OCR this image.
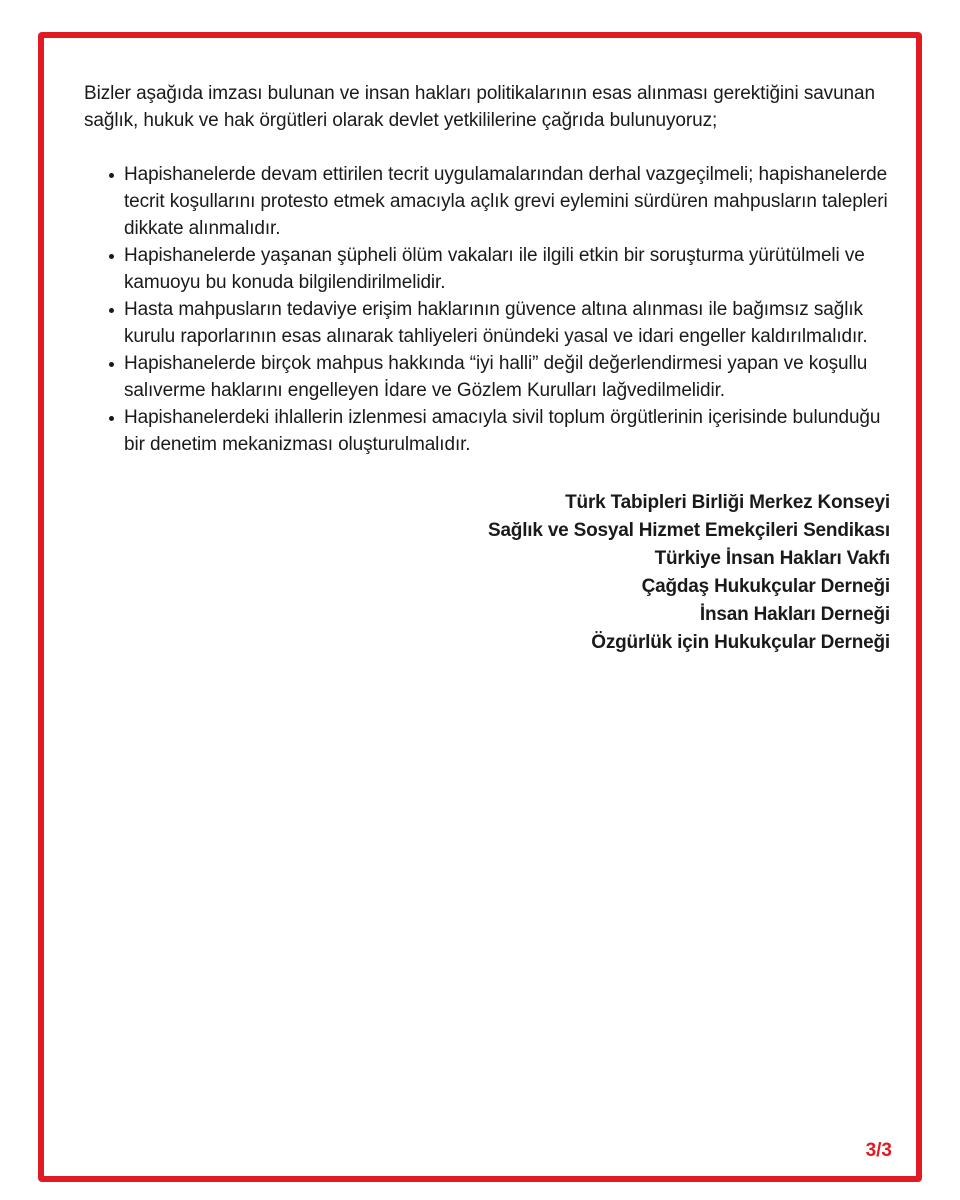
Bizler aşağıda imzası bulunan ve insan hakları politikalarının esas alınması gerektiğini savunan sağlık, hukuk ve hak örgütleri olarak devlet yetkililerine çağrıda bulunuyoruz;

Hapishanelerde devam ettirilen tecrit uygulamalarından derhal vazgeçilmeli; hapishanelerde tecrit koşullarını protesto etmek amacıyla açlık grevi eylemini sürdüren mahpusların talepleri dikkate alınmalıdır.
Hapishanelerde yaşanan şüpheli ölüm vakaları ile ilgili etkin bir soruşturma yürütülmeli ve kamuoyu bu konuda bilgilendirilmelidir.
Hasta mahpusların tedaviye erişim haklarının güvence altına alınması ile bağımsız sağlık kurulu raporlarının esas alınarak tahliyeleri önündeki yasal ve idari engeller kaldırılmalıdır.
Hapishanelerde birçok mahpus hakkında “iyi halli” değil değerlendirmesi yapan ve koşullu salıverme haklarını engelleyen İdare ve Gözlem Kurulları lağvedilmelidir.
Hapishanelerdeki ihlallerin izlenmesi amacıyla sivil toplum örgütlerinin içerisinde bulunduğu bir denetim mekanizması oluşturulmalıdır.
Türk Tabipleri Birliği Merkez Konseyi
Sağlık ve Sosyal Hizmet Emekçileri Sendikası
Türkiye İnsan Hakları Vakfı
Çağdaş Hukukçular Derneği
İnsan Hakları Derneği
Özgürlük için Hukukçular Derneği
3/3
